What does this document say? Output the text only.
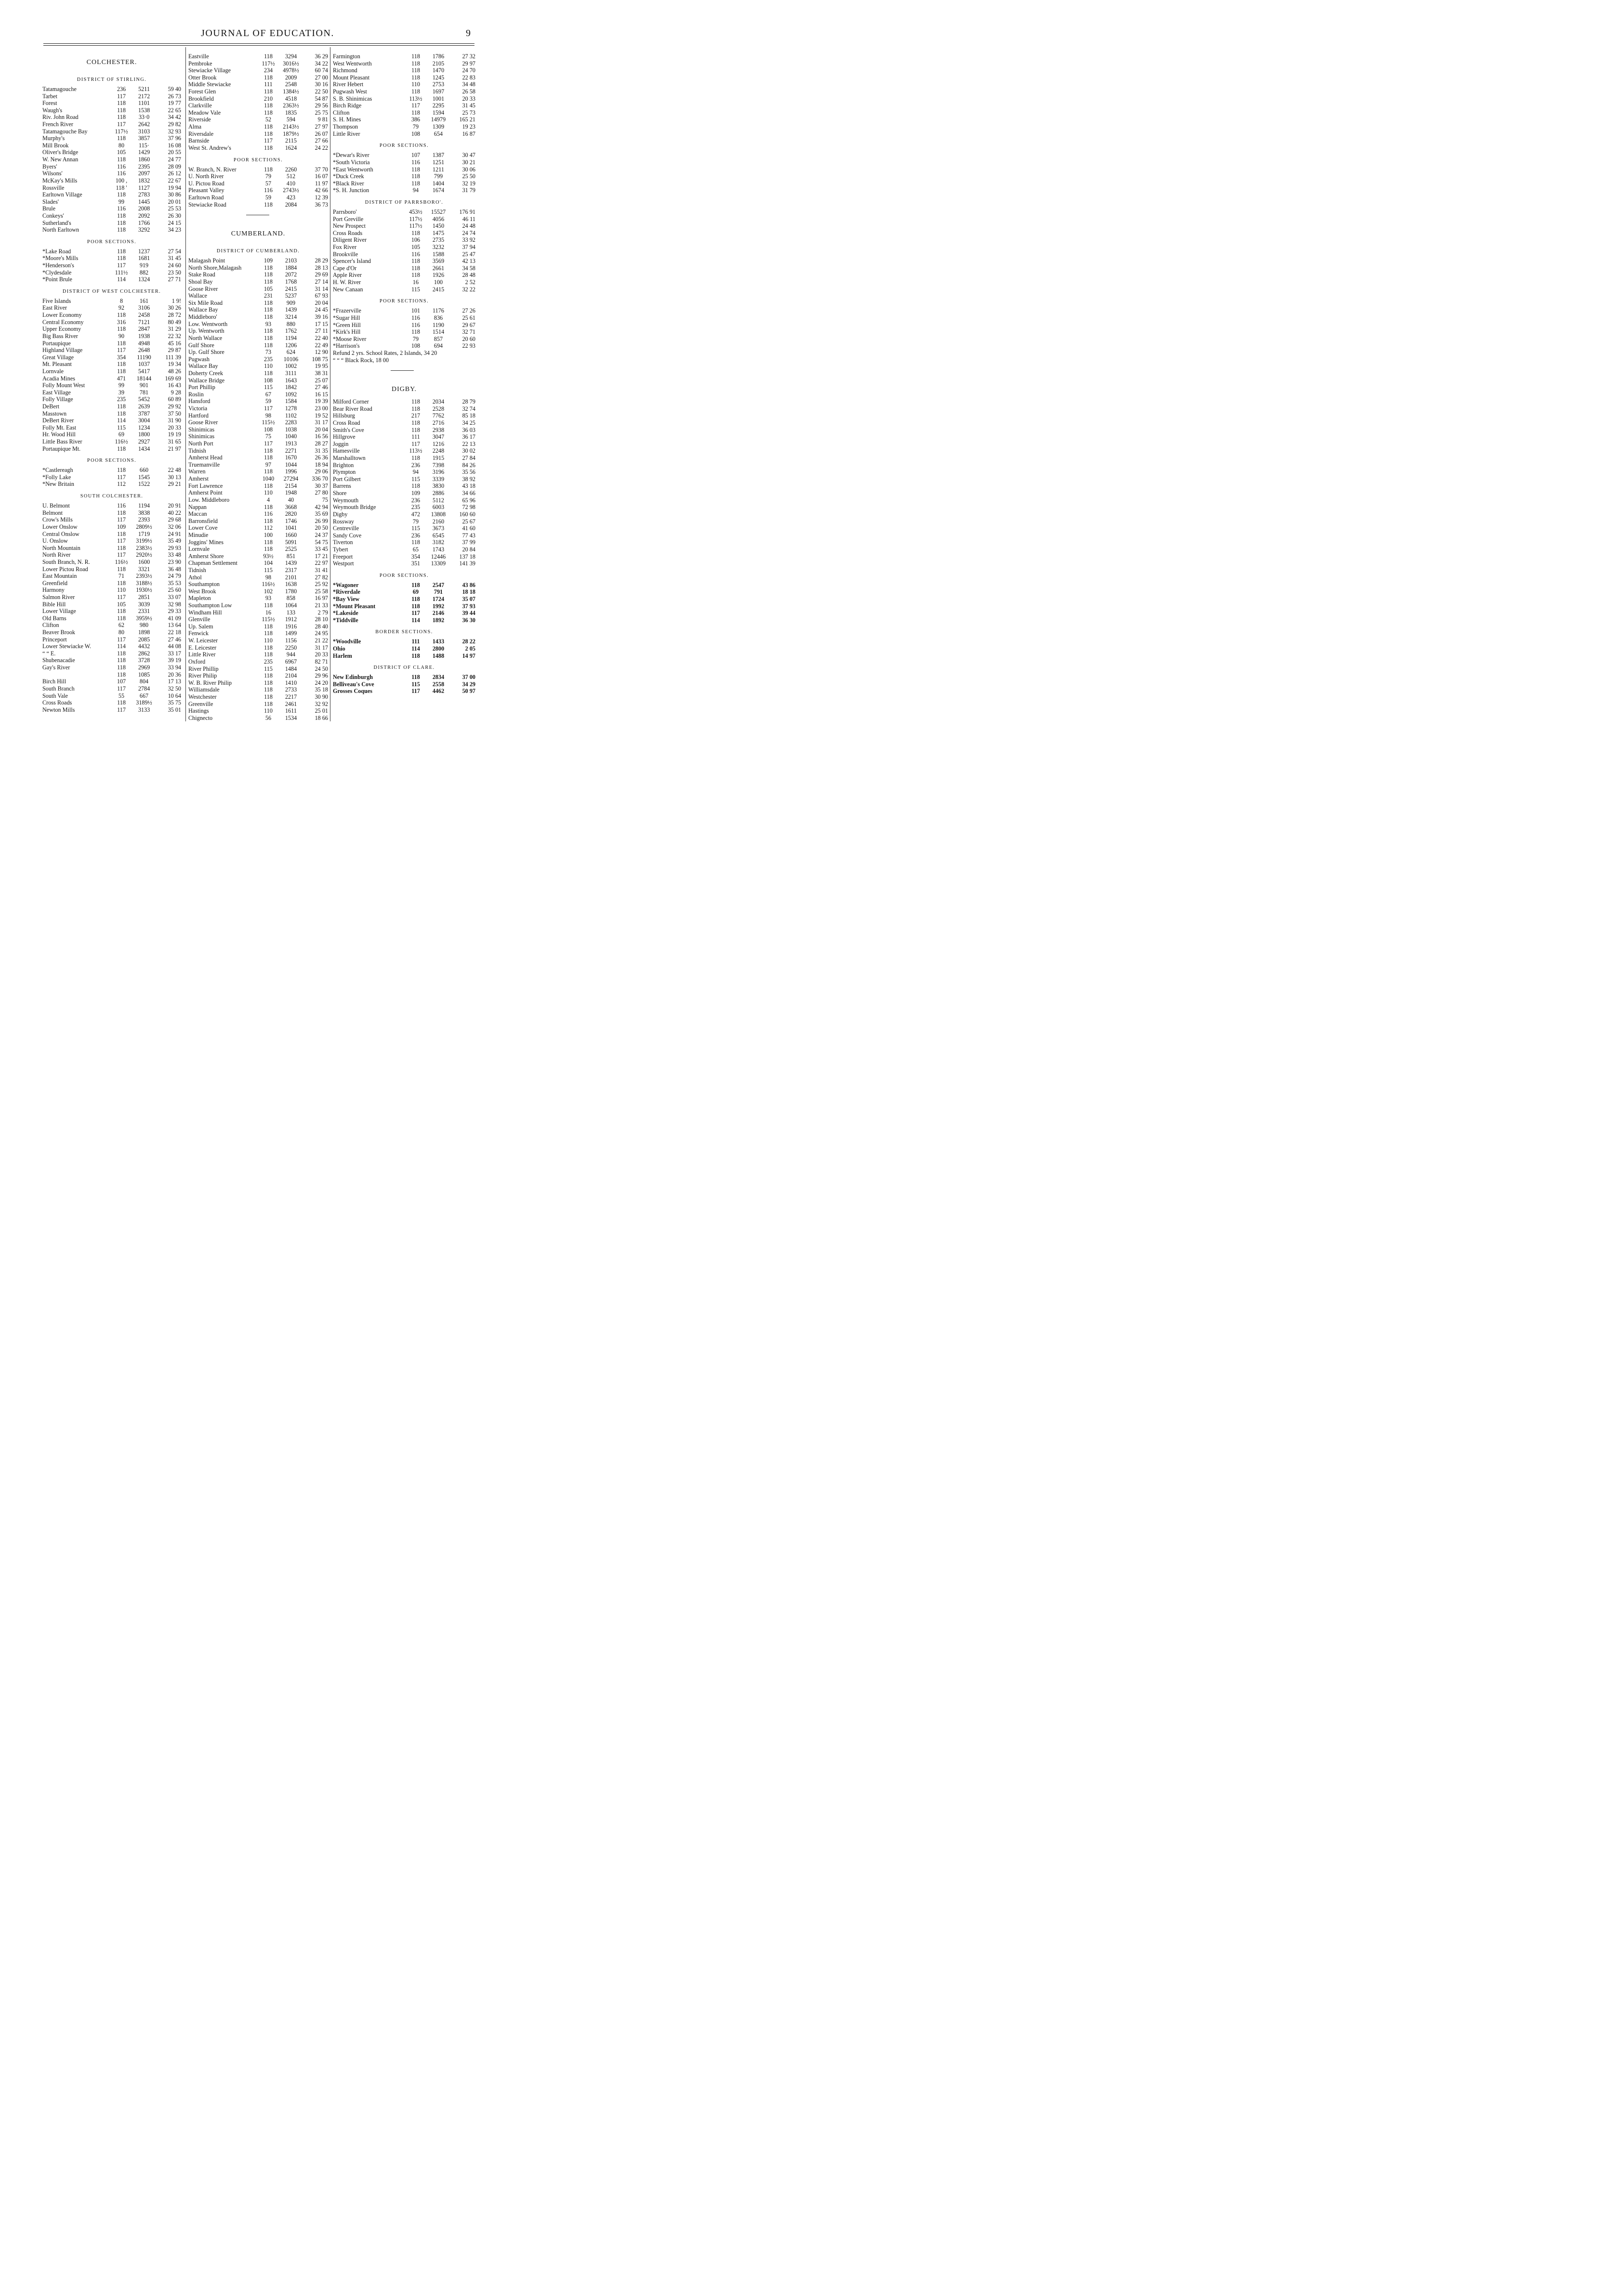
JOURNAL OF EDUCATION.	9
COLCHESTER.
DISTRICT OF STIRLING.
Tatamagouche	236	5211	59 40
Tarbet	117	2172	26 73
Forest	118	1101	19 77
Waugh's	118	1538	22 65
Riv. John Road	118	33·0	34 42
French River	117	2642	29 82
Tatamagouche Bay	117½	3103	32 93
Murphy's	118	3857	37 96
Mill Brook	80	115·	16 08
Oliver's Bridge	105	1429	20 55
W. New Annan	118	1860	24 77
Byers'	116	2395	28 09
Wilsons'	116	2097	26 12
McKay's Mills	100 ,	1832	22 67
Rossville	118 '	1127	19 94
Earltown Village	118	2783	30 86
Slades'	99	1445	20 01
Brule	116	2008	25 53
Conkeys'	118	2092	26 30
Sutherland's	118	1766	24 15
North Earltown	118	3292	34 23
POOR SECTIONS.
*Lake Road	118	1237	27 54
*Moore's Mills	118	1681	31 45
*Henderson's	117	919	24 60
*Clydesdale	111½	882	23 50
*Point Brule	114	1324	27 71
DISTRICT OF WEST COLCHESTER.
Five Islands	8	161	1 9!
East River	92	3106	30 26
Lower Economy	118	2458	28 72
Central Economy	316	7121	80 49
Upper Economy	118	2847	31 29
Big Bass River	90	1938	22 32
Portaupique	118	4948	45 16
Highland Village	117	2648	29 87
Great Village	354	11190	111 39
Mt. Pleasant	118	1037	19 34
Lornvale	118	5417	48 26
Acadia Mines	471	18144	169 69
Folly Mount West	99	901	16 43
East Village	39	781	9 28
Folly Village	235	5452	60 89
DeBert	118	2639	29 92
Masstown	118	3787	37 50
DeBert River	114	3004	31 90
Folly Mt. East	115	1234	20 33
Hr. Wood Hill	69	1800	19 19
Little Bass River	116½	2927	31 65
Portaupique Mt.	118	1434	21 97
POOR SECTIONS.
*Castlereagh	118	660	22 48
*Folly Lake	117	1545	30 13
*New Britain	112	1522	29 21
SOUTH COLCHESTER.
U. Belmont	116	1194	20 91
Belmont	118	3838	40 22
Crow's Mills	117	2393	29 68
Lower Onslow	109	2809½	32 06
Central Onslow	118	1719	24 91
U. Onslow	117	3199½	35 49
North Mountain	118	2383½	29 93
North River	117	2920½	33 48
South Branch, N. R.	116½	1600	23 90
Lower Pictou Road	118	3321	36 48
East Mountain	71	2393½	24 79
Greenfield	118	3188½	35 53
Harmony	110	1930½	25 60
Salmon River	117	2851	33 07
Bible Hill	105	3039	32 98
Lower Village	118	2331	29 33
Old Barns	118	3959½	41 09
Clifton	62	980	13 64
Beaver Brook	80	1898	22 18
Princeport	117	2085	27 46
Lower Stewiacke W.	114	4432	44 08
“ “ E.	118	2862	33 17
Shubenacadie	118	3728	39 19
Gay's River	118	2969	33 94
118	1085	20 36
Birch Hill	107	804	17 13
South Branch	117	2784	32 50
South Vale	55	667	10 64
Cross Roads	118	3189½	35 75
Newton Mills	117	3133	35 01
Eastville	118	3294	36 29
Pembroke	117½	3016½	34 22
Stewiacke Village	234	4978½	60 74
Otter Brook	118	2009	27 00
Middle Stewiacke	111	2548	30 16
Forest Glen	118	1384½	22 50
Brookfield	210	4518	54 87
Clarkville	118	2363½	29 56
Meadow Vale	118	1835	25 75
Riverside	52	594	9 81
Alma	118	2143½	27 97
Riversdale	118	1879½	26 07
Barnside	117	2115	27 66
West St. Andrew's	118	1624	24 22
POOR SECTIONS.
W. Branch, N. River	118	2260	37 70
U. North River	79	512	16 07
U. Pictou Road	57	410	11 97
Pleasant Valley	116	2743½	42 66
Earltown Road	59	423	12 39
Stewiacke Road	118	2084	36 73
CUMBERLAND.
DISTRICT OF CUMBERLAND.
Malagash Point	109	2103	28 29
North Shore,Malagash	118	1884	28 13
Stake Road	118	2072	29 69
Shoal Bay	118	1768	27 14
Goose River	105	2415	31 14
Wallace	231	5237	67 93
Six Mile Road	118	909	20 04
Wallace Bay	118	1439	24 45
Middleboro'	118	3214	39 16
Low. Wentworth	93	880	17 15
Up. Wentworth	118	1762	27 11
North Wallace	118	1194	22 40
Gulf Shore	118	1206	22 49
Up. Gulf Shore	73	624	12 90
Pugwash	235	10106	108 75
Wallace Bay	110	1002	19 95
Doherty Creek	118	3111	38 31
Wallace Bridge	108	1643	25 07
Port Phillip	115	1842	27 46
Roslin	67	1092	16 15
Hansford	59	1584	19 39
Victoria	117	1278	23 00
Hartford	98	1102	19 52
Goose River	115½	2283	31 17
Shinimicas	108	1038	20 04
Shinimicas	75	1040	16 56
North Port	117	1913	28 27
Tidnish	118	2271	31 35
Amherst Head	118	1670	26 36
Truemanville	97	1044	18 94
Warren	118	1996	29 06
Amherst	1040	27294	336 70
Fort Lawrence	118	2154	30 37
Amherst Point	110	1948	27 80
Low. Middleboro	4	40	75
Nappan	118	3668	42 94
Maccan	116	2820	35 69
Barronsfield	118	1746	26 99
Lower Cove	112	1041	20 50
Minudie	100	1660	24 37
Joggins' Mines	118	5091	54 75
Lornvale	118	2525	33 45
Amherst Shore	93½	851	17 21
Chapman Settlement	104	1439	22 97
Tidnish	115	2317	31 41
Athol	98	2101	27 82
Southampton	116½	1638	25 92
West Brook	102	1780	25 58
Mapleton	93	858	16 97
Southampton Low	118	1064	21 33
Windham Hill	16	133	2 79
Glenville	115½	1912	28 10
Up. Salem	118	1916	28 40
Fenwick	118	1499	24 95
W. Leicester	110	1156	21 22
E. Leicester	118	2250	31 17
Little River	118	944	20 33
Oxford	235	6967	82 71
River Phillip	115	1484	24 50
River Philip	118	2104	29 96
W. B. River Philip	118	1410	24 20
Williamsdale	118	2733	35 18
Westchester	118	2217	30 90
Greenville	118	2461	32 92
Hastings	110	1611	25 01
Chignecto	56	1534	18 66
Farmington	118	1786	27 32
West Wentworth	118	2105	29 97
Richmond	118	1470	24 70
Mount Pleasant	118	1245	22 83
River Hebert	110	2753	34 48
Pugwash West	118	1697	26 58
S. B. Shinimicas	113½	1001	20 33
Birch Ridge	117	2295	31 45
Clifton	118	1594	25 73
S. H. Mines	386	14979	165 21
Thompson	79	1309	19 23
Little River	108	654	16 87
POOR SECTIONS.
*Dewar's River	107	1387	30 47
*South Victoria	116	1251	30 21
*East Wentworth	118	1211	30 06
*Duck Creek	118	799	25 50
*Black River	118	1404	32 19
*S. H. Junction	94	1674	31 79
DISTRICT OF PARRSBORO'.
Parrsboro'	453½	15527	176 91
Port Greville	117½	4056	46 11
New Prospect	117½	1450	24 48
Cross Roads	118	1475	24 74
Diligent River	106	2735	33 92
Fox River	105	3232	37 94
Brookville	116	1588	25 47
Spencer's Island	118	3569	42 13
Cape d'Or	118	2661	34 58
Apple River	118	1926	28 48
H. W. River	16	100	2 52
New Canaan	115	2415	32 22
POOR SECTIONS.
*Frazerville	101	1176	27 26
*Sugar Hill	116	836	25 61
*Green Hill	116	1190	29 67
*Kirk's Hill	118	1514	32 71
*Moose River	79	857	20 60
*Harrison's	108	694	22 93
Refund 2 yrs. School Rates, 2 Islands, 34 20
“ “ “ Black Rock, 18 00
DIGBY.
Milford Corner	118	2034	28 79
Bear River Road	118	2528	32 74
Hillsburg	217	7762	85 18
Cross Road	118	2716	34 25
Smith's Cove	118	2938	36 03
Hillgrove	111	3047	36 17
Joggin	117	1216	22 13
Hamesville	113½	2248	30 02
Marshalltown	118	1915	27 84
Brighton	236	7398	84 26
Plympton	94	3196	35 56
Port Gilbert	115	3339	38 92
Barrens	118	3830	43 18
Shore	109	2886	34 66
Weymouth	236	5112	65 96
Weymouth Bridge	235	6003	72 98
Digby	472	13808	160 60
Rossway	79	2160	25 67
Centreville	115	3673	41 60
Sandy Cove	236	6545	77 43
Tiverton	118	3182	37 99
Tybert	65	1743	20 84
Freeport	354	12446	137 18
Westport	351	13309	141 39
POOR SECTIONS.
*Wagoner	118	2547	43 86
*Riverdale	69	791	18 18
*Bay View	118	1724	35 07
*Mount Pleasant	118	1992	37 93
*Lakeside	117	2146	39 44
*Tiddville	114	1892	36 30
BORDER SECTIONS.
*Woodville	111	1433	28 22
Ohio	114	2800	2 05
Harlem	118	1488	14 97
DISTRICT OF CLARE.
New Edinburgh	118	2834	37 00
Belliveau's Cove	115	2558	34 29
Grosses Coques	117	4462	50 97
